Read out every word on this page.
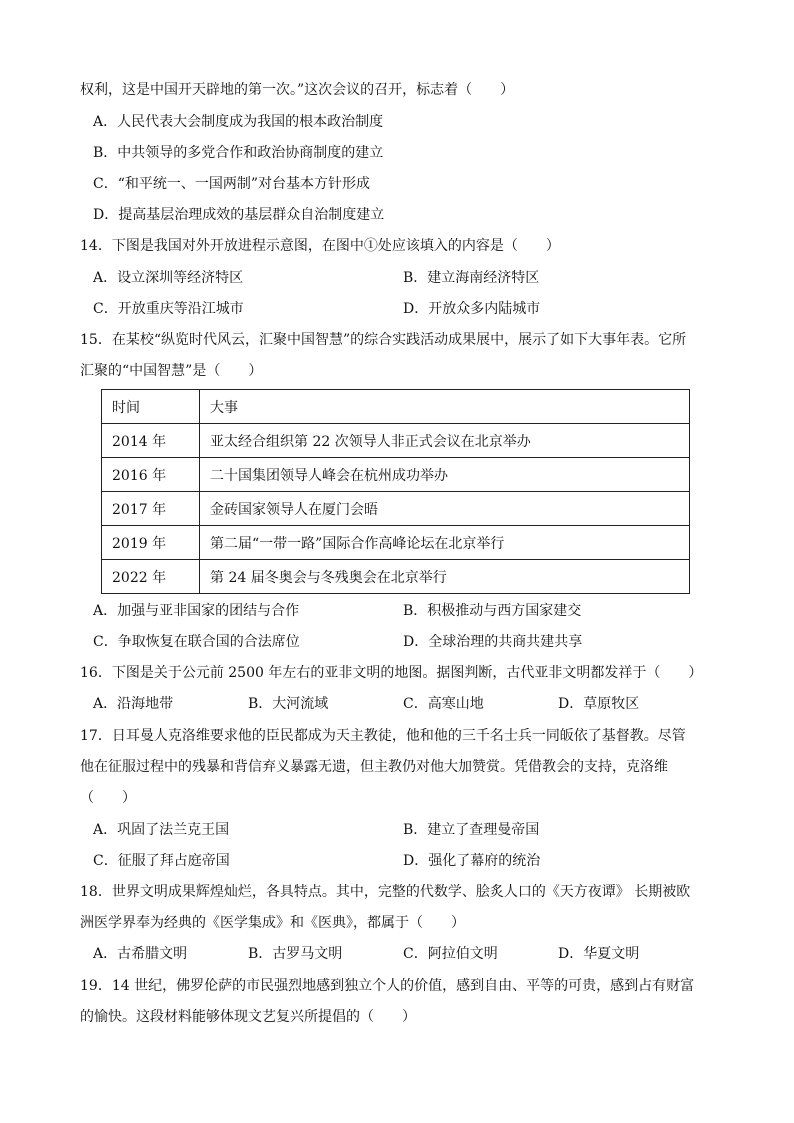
权利，这是中国开天辟地的第一次。”这次会议的召开，标志着（　　）
A．人民代表大会制度成为我国的根本政治制度
B．中共领导的多党合作和政治协商制度的建立
C．“和平统一、一国两制”对台基本方针形成
D．提高基层治理成效的基层群众自治制度建立
14．下图是我国对外开放进程示意图，在图中①处应该填入的内容是（　　）
A．设立深圳等经济特区	B．建立海南经济特区
C．开放重庆等沿江城市	D．开放众多内陆城市
15．在某校“纵览时代风云，汇聚中国智慧”的综合实践活动成果展中，展示了如下大事年表。它所
汇聚的“中国智慧”是（　　）
时间	大事
2014 年	亚太经合组织第 22 次领导人非正式会议在北京举办
2016 年	二十国集团领导人峰会在杭州成功举办
2017 年	金砖国家领导人在厦门会晤
2019 年	第二届“一带一路”国际合作高峰论坛在北京举行
2022 年	第 24 届冬奥会与冬残奥会在北京举行
A．加强与亚非国家的团结与合作	B．积极推动与西方国家建交
C．争取恢复在联合国的合法席位	D．全球治理的共商共建共享
16．下图是关于公元前 2500 年左右的亚非文明的地图。据图判断，古代亚非文明都发祥于（　　）
A．沿海地带	B．大河流域	C．高寒山地	D．草原牧区
17．日耳曼人克洛维要求他的臣民都成为天主教徒，他和他的三千名士兵一同皈依了基督教。尽管
他在征服过程中的残暴和背信弃义暴露无遗，但主教仍对他大加赞赏。凭借教会的支持，克洛维
（　　）
A．巩固了法兰克王国	B．建立了查理曼帝国
C．征服了拜占庭帝国	D．强化了幕府的统治
18．世界文明成果辉煌灿烂，各具特点。其中，完整的代数学、脍炙人口的《天方夜谭》 长期被欧
洲医学界奉为经典的《医学集成》和《医典》，都属于（　　）
A．古希腊文明	B．古罗马文明	C．阿拉伯文明	D．华夏文明
19．14 世纪，佛罗伦萨的市民强烈地感到独立个人的价值，感到自由、平等的可贵，感到占有财富
的愉快。这段材料能够体现文艺复兴所提倡的（　　）
